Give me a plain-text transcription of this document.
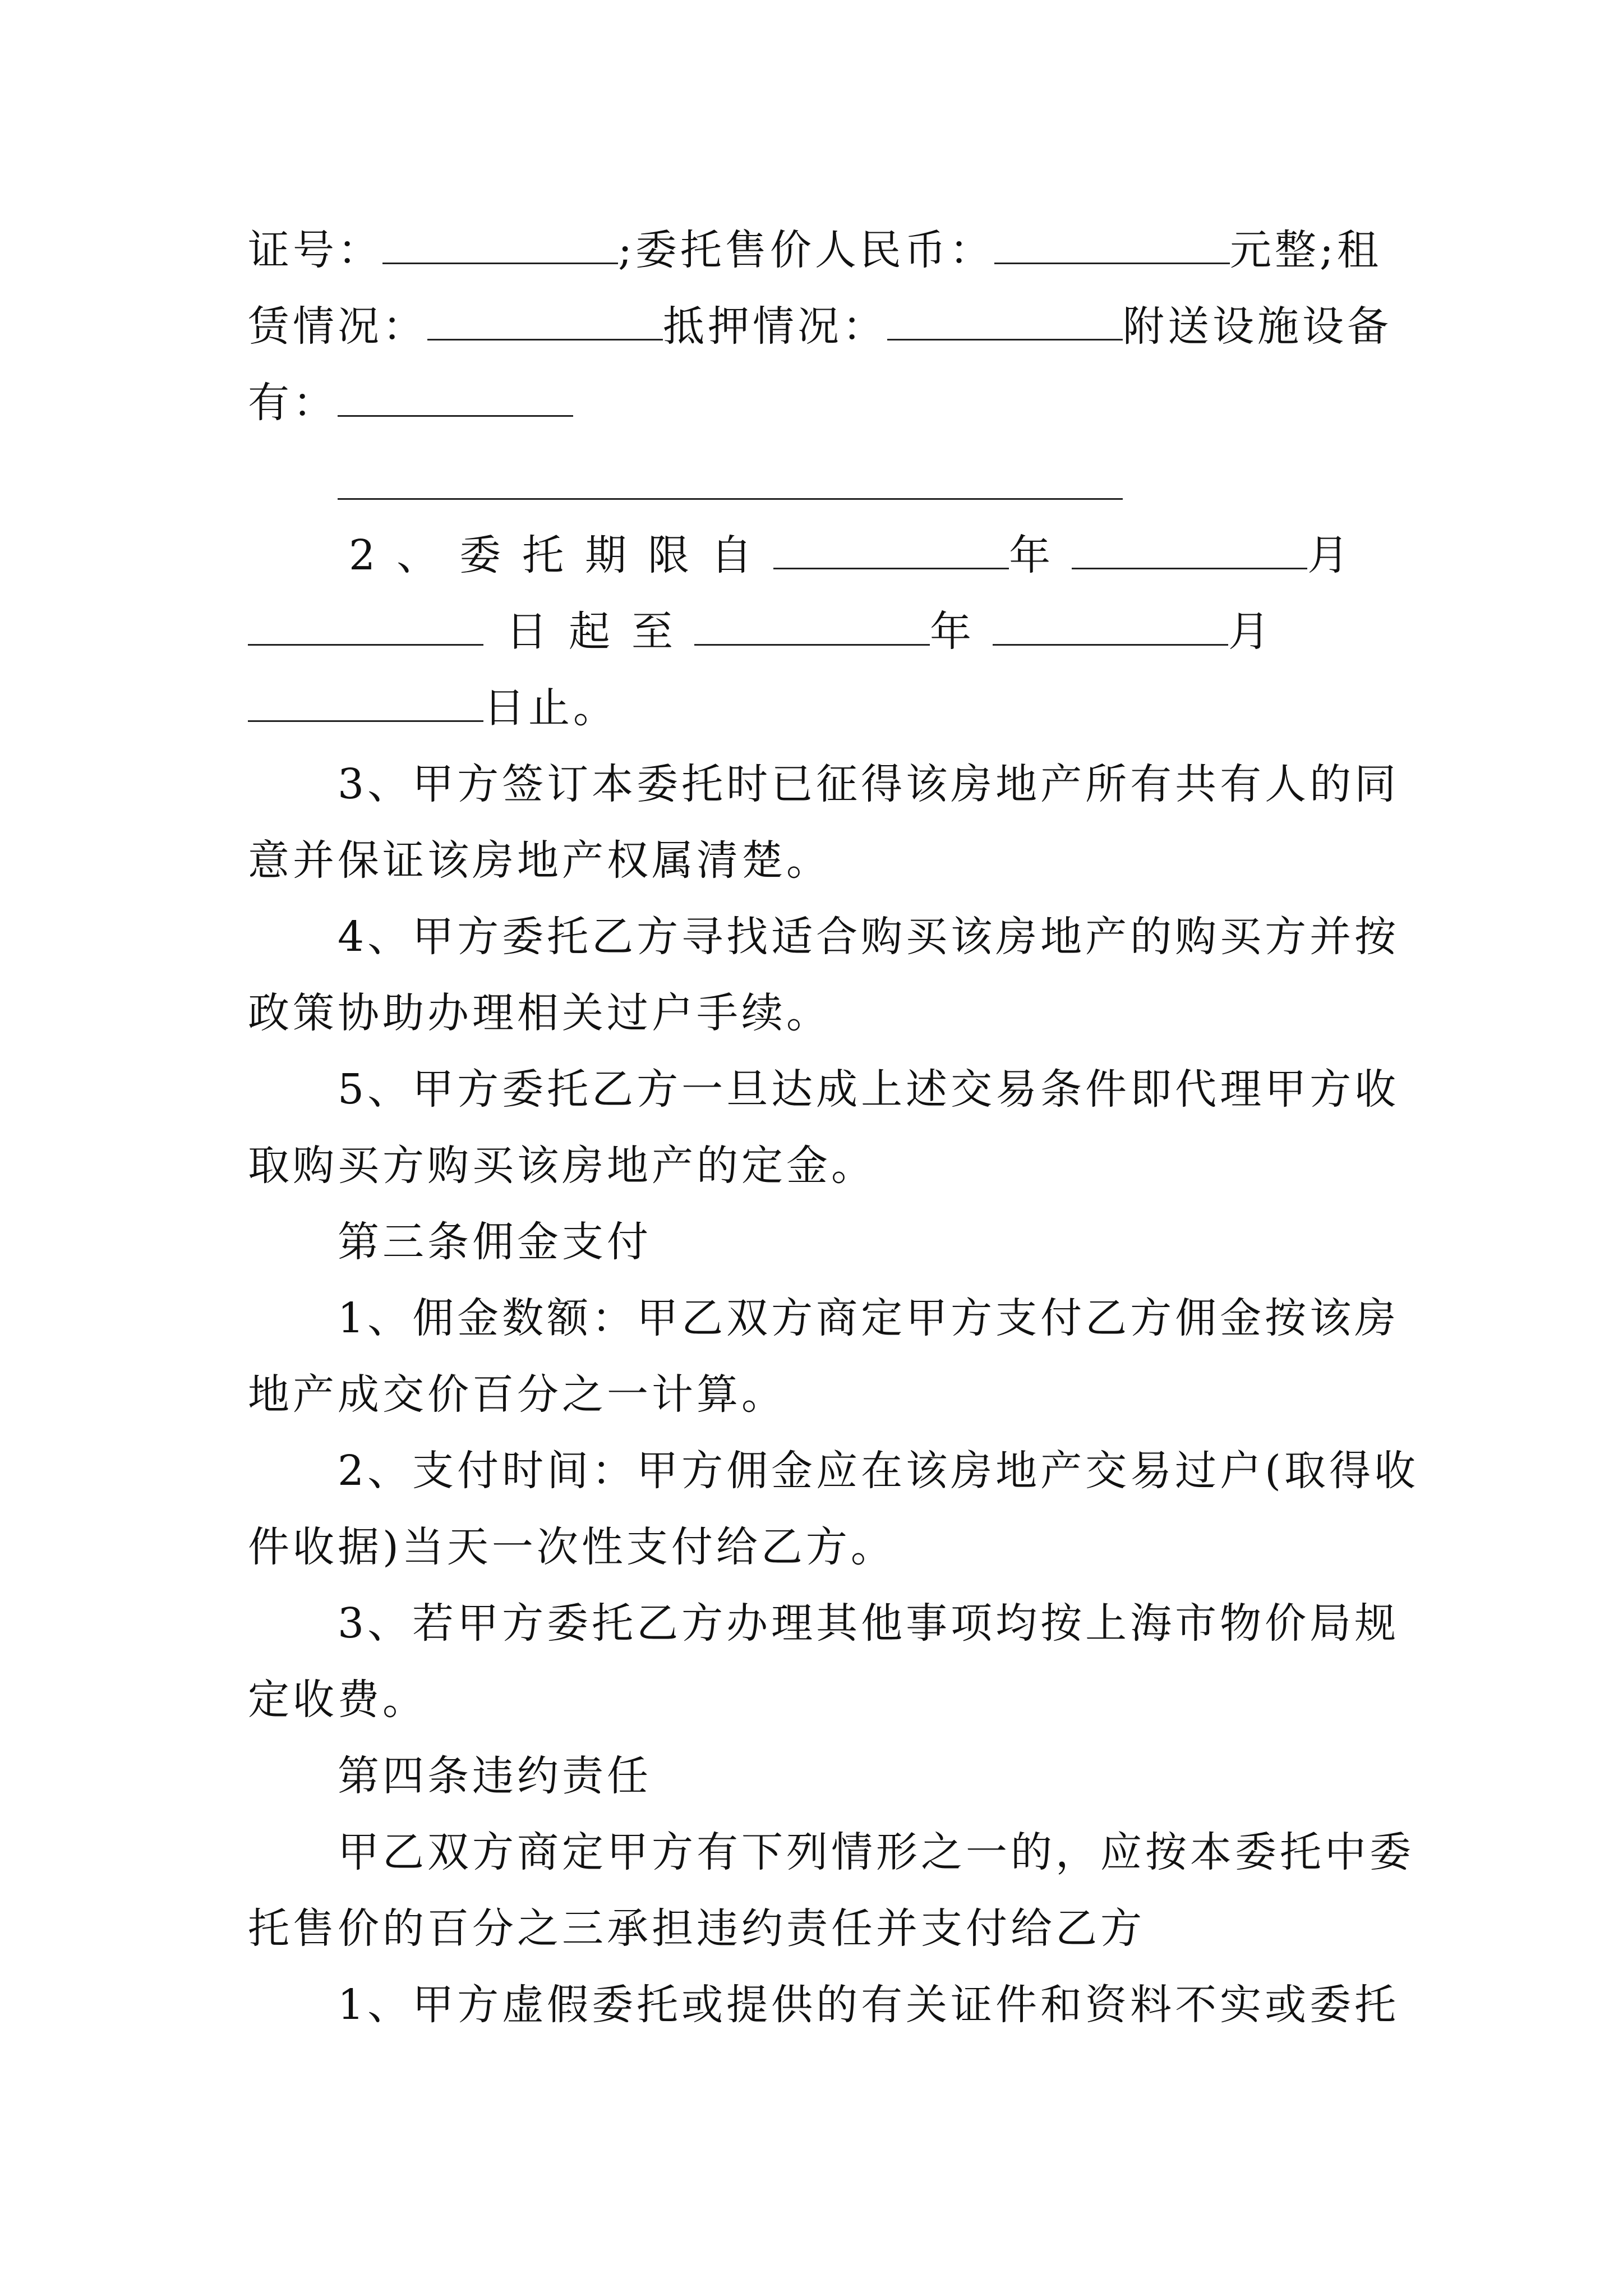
证号：	;委托售价人民币：	元整;租
赁情况：	抵押情况：	附送设施设备
有：
2、委托期限自	年	月
日起至	年	月
日止。
3、甲方签订本委托时已征得该房地产所有共有人的同
意并保证该房地产权属清楚。
4、甲方委托乙方寻找适合购买该房地产的购买方并按
政策协助办理相关过户手续。
5、甲方委托乙方一旦达成上述交易条件即代理甲方收
取购买方购买该房地产的定金。
第三条佣金支付
1、佣金数额：甲乙双方商定甲方支付乙方佣金按该房
地产成交价百分之一计算。
2、支付时间：甲方佣金应在该房地产交易过户(取得收
件收据)当天一次性支付给乙方。
3、若甲方委托乙方办理其他事项均按上海市物价局规
定收费。
第四条违约责任
甲乙双方商定甲方有下列情形之一的，应按本委托中委
托售价的百分之三承担违约责任并支付给乙方
1、甲方虚假委托或提供的有关证件和资料不实或委托
